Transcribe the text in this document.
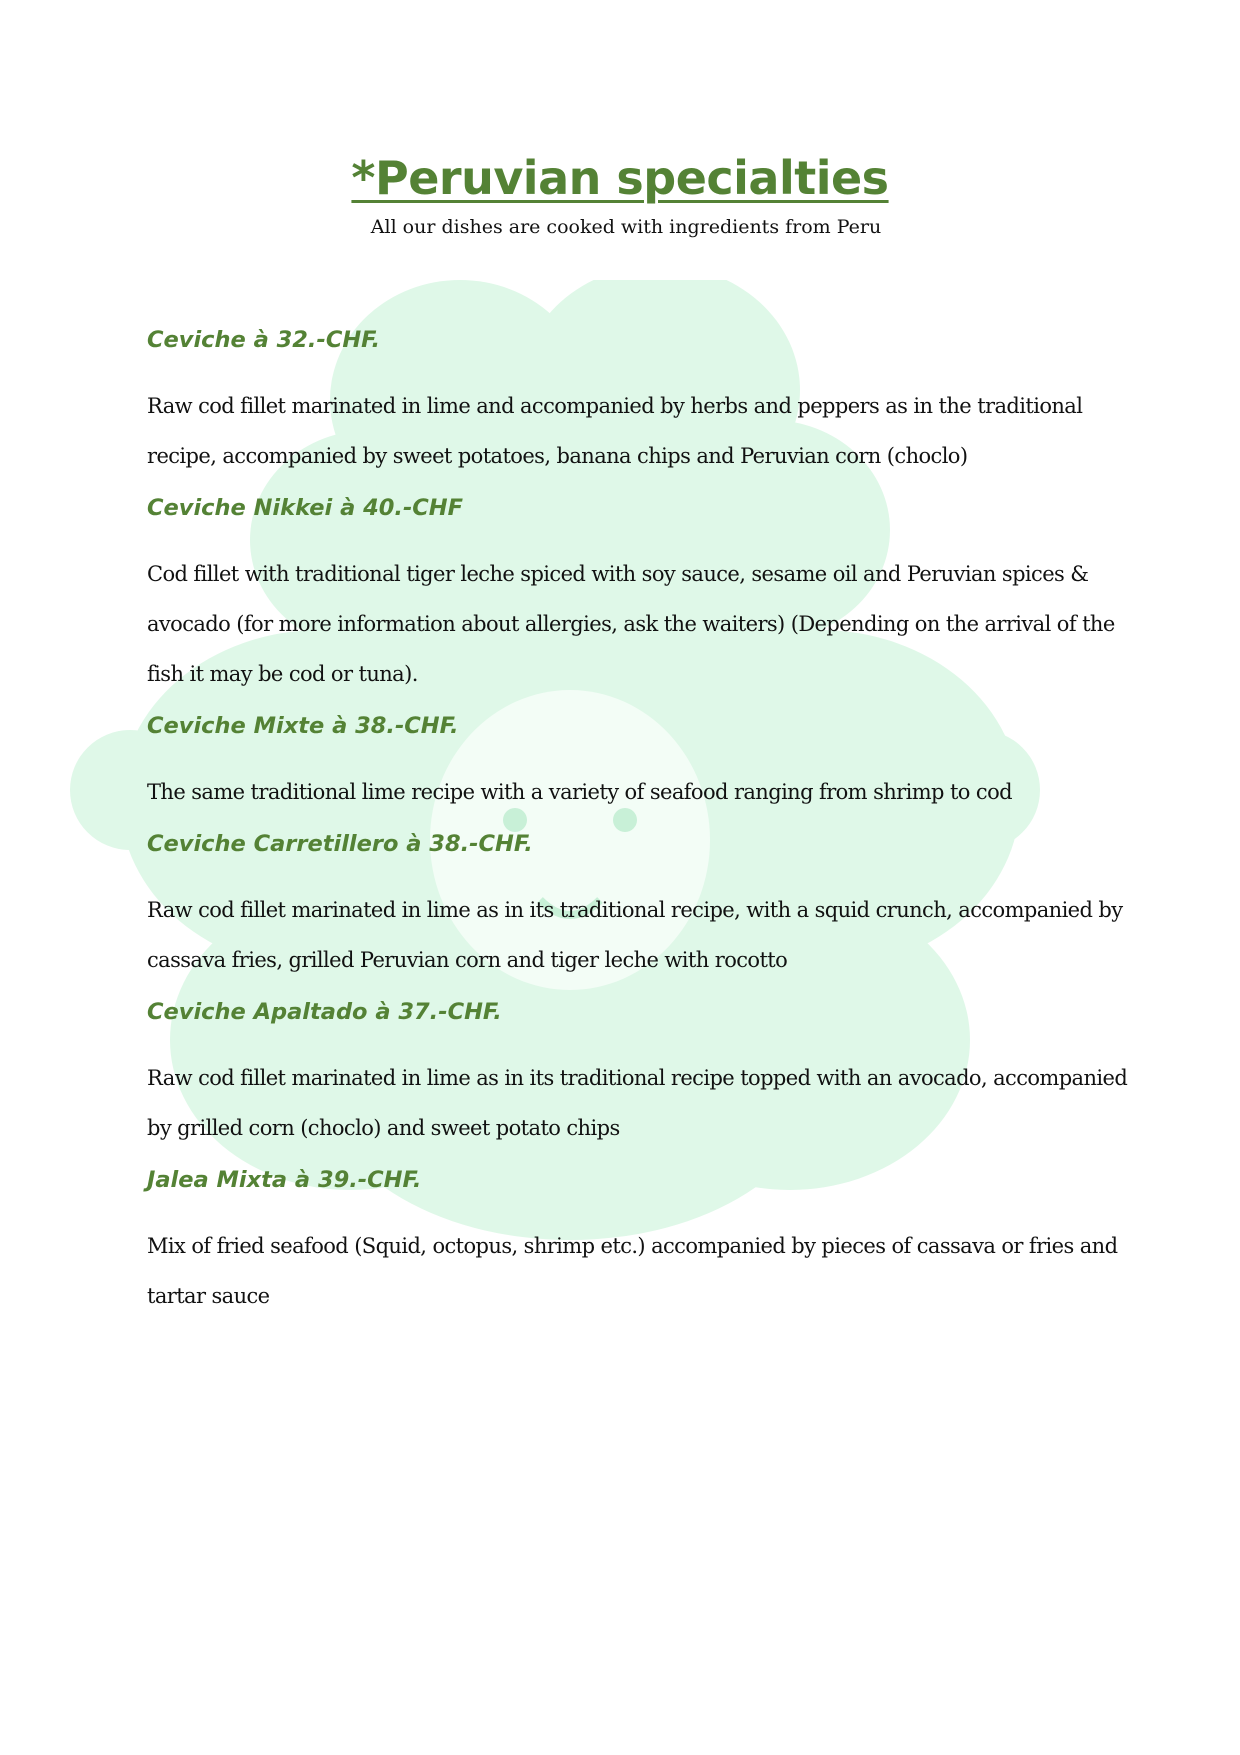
*Peruvian specialties
All our dishes are cooked with ingredients from Peru

Ceviche à 32.-CHF.

Raw cod fillet marinated in lime and accompanied by herbs and peppers as in the traditional recipe, accompanied by sweet potatoes, banana chips and Peruvian corn (choclo)

Ceviche Nikkei à 40.-CHF

Cod fillet with traditional tiger leche spiced with soy sauce, sesame oil and Peruvian spices & avocado (for more information about allergies, ask the waiters) (Depending on the arrival of the fish it may be cod or tuna).

Ceviche Mixte à 38.-CHF.

The same traditional lime recipe with a variety of seafood ranging from shrimp to cod

Ceviche Carretillero à 38.-CHF.

Raw cod fillet marinated in lime as in its traditional recipe, with a squid crunch, accompanied by cassava fries, grilled Peruvian corn and tiger leche with rocotto

Ceviche Apaltado à 37.-CHF.

Raw cod fillet marinated in lime as in its traditional recipe topped with an avocado, accompanied by grilled corn (choclo) and sweet potato chips

Jalea Mixta à 39.-CHF.

Mix of fried seafood (Squid, octopus, shrimp etc.) accompanied by pieces of cassava or fries and tartar sauce
